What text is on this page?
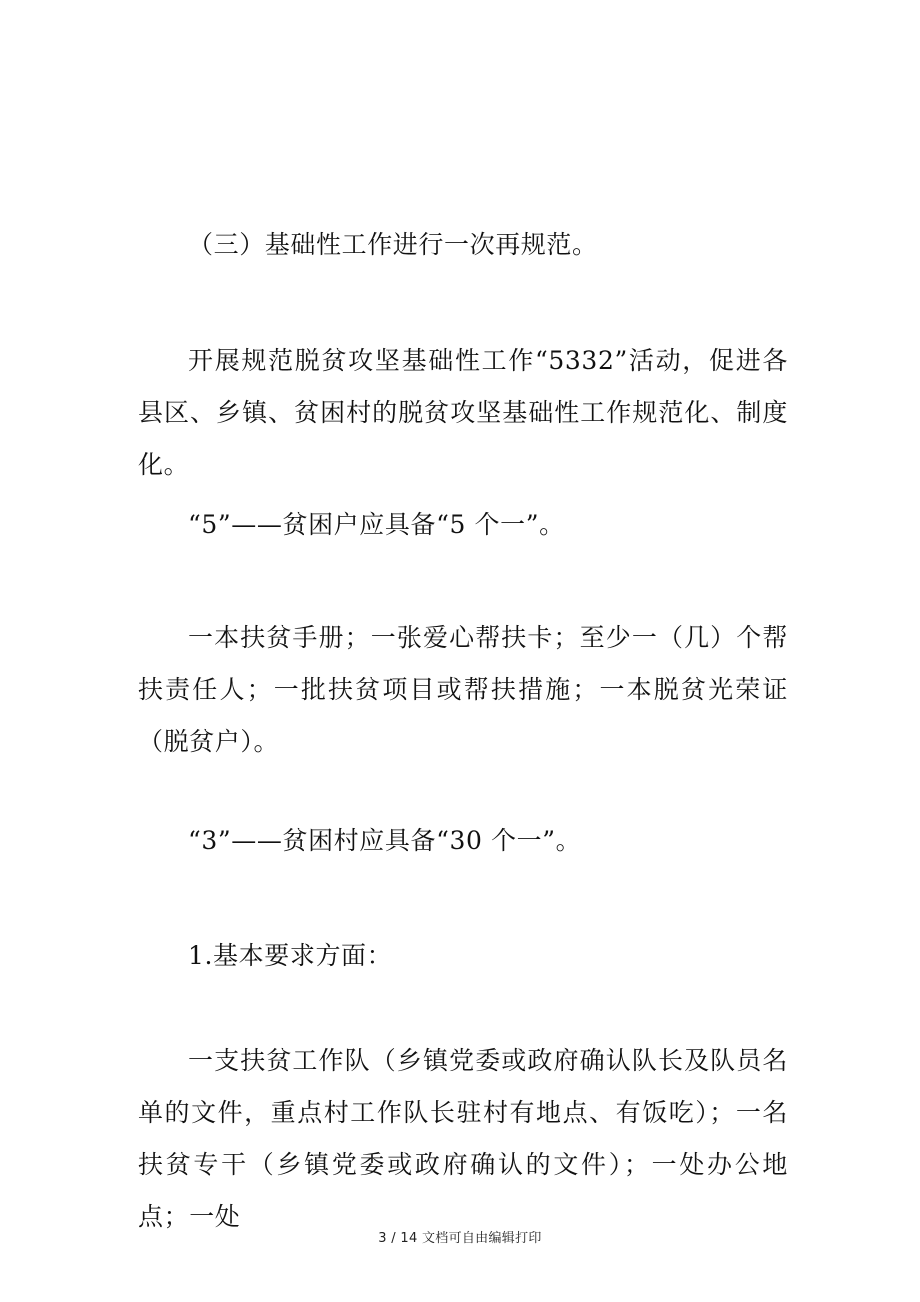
（三）基础性工作进行一次再规范。

开展规范脱贫攻坚基础性工作“5332”活动，促进各县区、乡镇、贫困村的脱贫攻坚基础性工作规范化、制度化。

“5”——贫困户应具备“5 个一”。

一本扶贫手册；一张爱心帮扶卡；至少一（几）个帮扶责任人；一批扶贫项目或帮扶措施；一本脱贫光荣证（脱贫户）。

“3”——贫困村应具备“30 个一”。

1.基本要求方面：

一支扶贫工作队（乡镇党委或政府确认队长及队员名单的文件，重点村工作队长驻村有地点、有饭吃）；一名扶贫专干（乡镇党委或政府确认的文件）；一处办公地点；一处

3 / 14 文档可自由编辑打印
